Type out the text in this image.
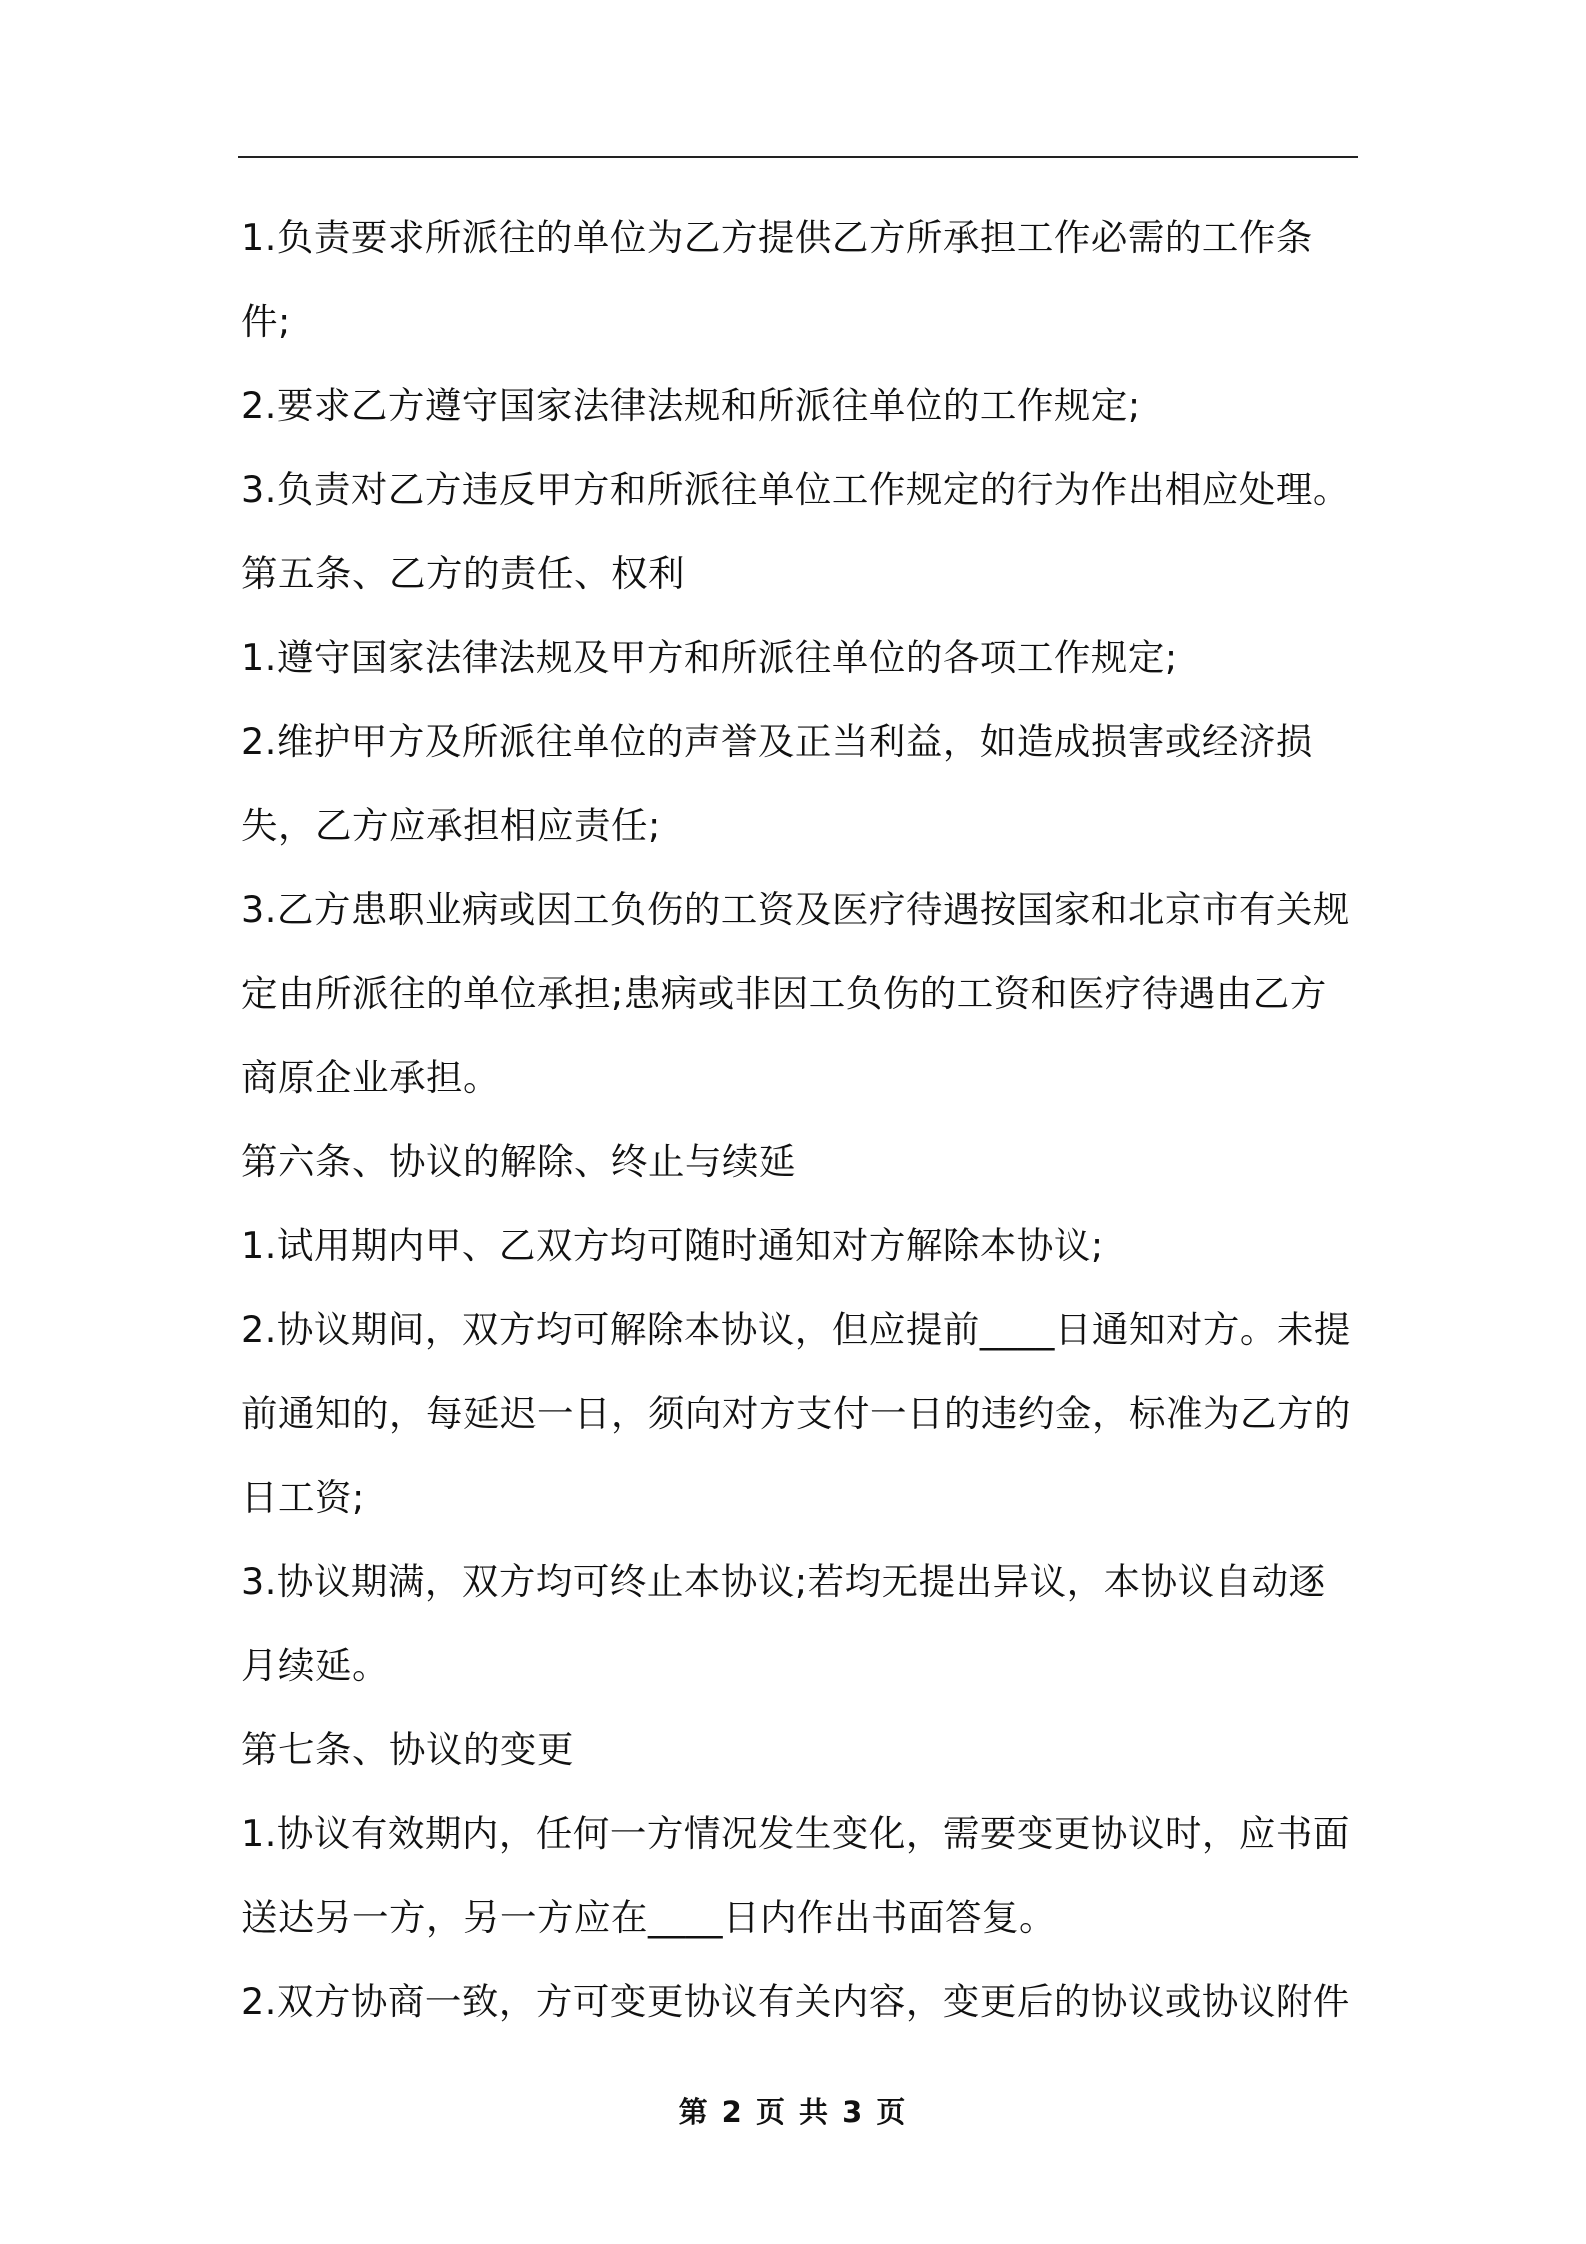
1.负责要求所派往的单位为乙方提供乙方所承担工作必需的工作条件;

2.要求乙方遵守国家法律法规和所派往单位的工作规定;

3.负责对乙方违反甲方和所派往单位工作规定的行为作出相应处理。

第五条、乙方的责任、权利

1.遵守国家法律法规及甲方和所派往单位的各项工作规定;

2.维护甲方及所派往单位的声誉及正当利益，如造成损害或经济损失，乙方应承担相应责任;

3.乙方患职业病或因工负伤的工资及医疗待遇按国家和北京市有关规定由所派往的单位承担;患病或非因工负伤的工资和医疗待遇由乙方商原企业承担。

第六条、协议的解除、终止与续延

1.试用期内甲、乙双方均可随时通知对方解除本协议;

2.协议期间，双方均可解除本协议，但应提前____日通知对方。未提前通知的，每延迟一日，须向对方支付一日的违约金，标准为乙方的日工资;

3.协议期满，双方均可终止本协议;若均无提出异议，本协议自动逐月续延。

第七条、协议的变更

1.协议有效期内，任何一方情况发生变化，需要变更协议时，应书面送达另一方，另一方应在____日内作出书面答复。

2.双方协商一致，方可变更协议有关内容，变更后的协议或协议附件

第 2 页 共 3 页
